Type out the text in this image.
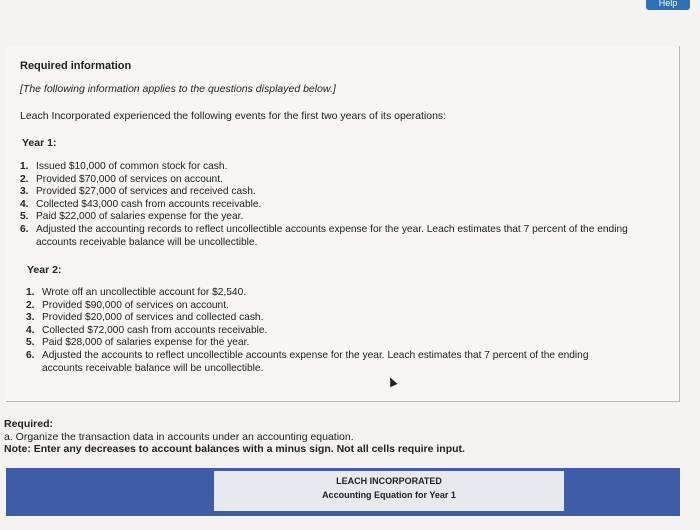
Help
Required information
[The following information applies to the questions displayed below.]
Leach Incorporated experienced the following events for the first two years of its operations:
Year 1:
1. Issued $10,000 of common stock for cash.
2. Provided $70,000 of services on account.
3. Provided $27,000 of services and received cash.
4. Collected $43,000 cash from accounts receivable.
5. Paid $22,000 of salaries expense for the year.
6. Adjusted the accounting records to reflect uncollectible accounts expense for the year. Leach estimates that 7 percent of the ending accounts receivable balance will be uncollectible.
Year 2:
1. Wrote off an uncollectible account for $2,540.
2. Provided $90,000 of services on account.
3. Provided $20,000 of services and collected cash.
4. Collected $72,000 cash from accounts receivable.
5. Paid $28,000 of salaries expense for the year.
6. Adjusted the accounts to reflect uncollectible accounts expense for the year. Leach estimates that 7 percent of the ending accounts receivable balance will be uncollectible.
Required:
a. Organize the transaction data in accounts under an accounting equation.
Note: Enter any decreases to account balances with a minus sign. Not all cells require input.
LEACH INCORPORATED
Accounting Equation for Year 1
